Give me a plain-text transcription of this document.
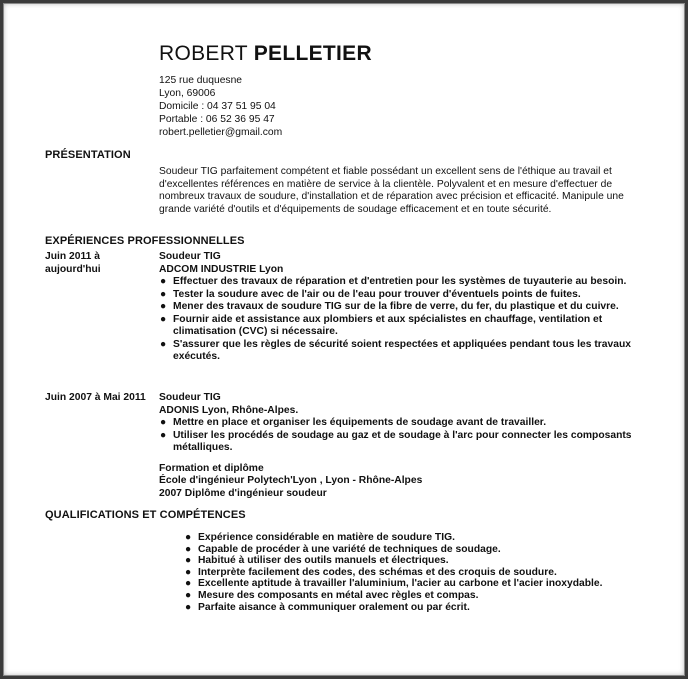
ROBERT PELLETIER
125 rue duquesne
Lyon, 69006
Domicile : 04 37 51 95 04
Portable : 06 52 36 95 47
robert.pelletier@gmail.com
PRÉSENTATION
Soudeur TIG parfaitement compétent et fiable possédant un excellent sens de l'éthique au travail et d'excellentes références en matière de service à la clientèle. Polyvalent et en mesure d'effectuer de nombreux travaux de soudure, d'installation et de réparation avec précision et efficacité. Manipule une grande variété d'outils et d'équipements de soudage efficacement et en toute sécurité.
EXPÉRIENCES PROFESSIONNELLES
Juin 2011 à
aujourd'hui
Soudeur TIG
ADCOM INDUSTRIE Lyon
● Effectuer des travaux de réparation et d'entretien pour les systèmes de tuyauterie au besoin.
● Tester la soudure avec de l'air ou de l'eau pour trouver d'éventuels points de fuites.
● Mener des travaux de soudure TIG sur de la fibre de verre, du fer, du plastique et du cuivre.
● Fournir aide et assistance aux plombiers et aux spécialistes en chauffage, ventilation et climatisation (CVC) si nécessaire.
● S'assurer que les règles de sécurité soient respectées et appliquées pendant tous les travaux exécutés.
Juin 2007 à Mai 2011	Soudeur TIG
ADONIS Lyon, Rhône-Alpes.
● Mettre en place et organiser les équipements de soudage avant de travailler.
● Utiliser les procédés de soudage au gaz et de soudage à l'arc pour connecter les composants métalliques.
Formation et diplôme
École d'ingénieur Polytech'Lyon , Lyon - Rhône-Alpes
2007 Diplôme d'ingénieur soudeur
QUALIFICATIONS ET COMPÉTENCES
● Expérience considérable en matière de soudure TIG.
● Capable de procéder à une variété de techniques de soudage.
● Habitué à utiliser des outils manuels et électriques.
● Interprète facilement des codes, des schémas et des croquis de soudure.
● Excellente aptitude à travailler l'aluminium, l'acier au carbone et l'acier inoxydable.
● Mesure des composants en métal avec règles et compas.
● Parfaite aisance à communiquer oralement ou par écrit.
